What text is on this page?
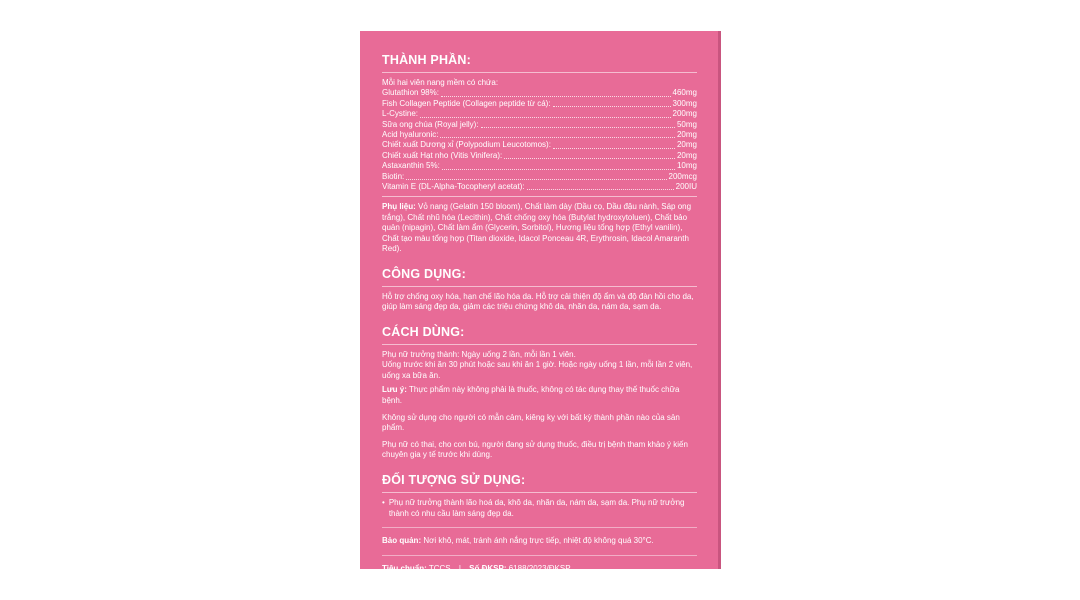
THÀNH PHẦN:
Mỗi hai viên nang mềm có chứa:
Glutathion 98% :	460mg
Fish Collagen Peptide (Collagen peptide từ cá) :	300mg
L-Cystine :	200mg
Sữa ong chúa (Royal jelly) :	50mg
Acid hyaluronic :	20mg
Chiết xuất Dương xỉ (Polypodium Leucotomos) :	20mg
Chiết xuất Hạt nho (Vitis Vinifera) :	20mg
Astaxanthin 5% :	10mg
Biotin :	200mcg
Vitamin E (DL-Alpha-Tocopheryl acetat) :	200IU
Phụ liệu: Vỏ nang (Gelatin 150 bloom), Chất làm dày (Dầu cọ, Dầu đậu nành, Sáp ong trắng), Chất nhũ hóa (Lecithin), Chất chống oxy hóa (Butylat hydroxytoluen), Chất bảo quản (nipagin), Chất làm ẩm (Glycerin, Sorbitol), Hương liệu tổng hợp (Ethyl vanilin), Chất tạo màu tổng hợp (Titan dioxide, Idacol Ponceau 4R, Erythrosin, Idacol Amaranth Red).
CÔNG DỤNG:
Hỗ trợ chống oxy hóa, hạn chế lão hóa da. Hỗ trợ cải thiện độ ẩm và độ đàn hồi cho da, giúp làm sáng đẹp da, giảm các triệu chứng khô da, nhăn da, nám da, sạm da.
CÁCH DÙNG:
Phụ nữ trưởng thành: Ngày uống 2 lần, mỗi lần 1 viên.
Uống trước khi ăn 30 phút hoặc sau khi ăn 1 giờ. Hoặc ngày uống 1 lần, mỗi lần 2 viên, uống xa bữa ăn.
Lưu ý: Thực phẩm này không phải là thuốc, không có tác dụng thay thế thuốc chữa bệnh.
Không sử dụng cho người có mẫn cảm, kiêng kỵ với bất kỳ thành phần nào của sản phẩm.
Phụ nữ có thai, cho con bú, người đang sử dụng thuốc, điều trị bệnh tham khảo ý kiến chuyên gia y tế trước khi dùng.
ĐỐI TƯỢNG SỬ DỤNG:
• Phụ nữ trưởng thành lão hoá da, khô da, nhăn da, nám da, sạm da. Phụ nữ trưởng thành có nhu cầu làm sáng đẹp da.
Bảo quản: Nơi khô, mát, tránh ánh nắng trực tiếp, nhiệt độ không quá 30°C.
Tiêu chuẩn: TCCS | Số ĐKSP: 6188/2023/ĐKSP
Khối lượng trung bình viên (tính cả vỏ nang): 1450 mg ± 7,5%
